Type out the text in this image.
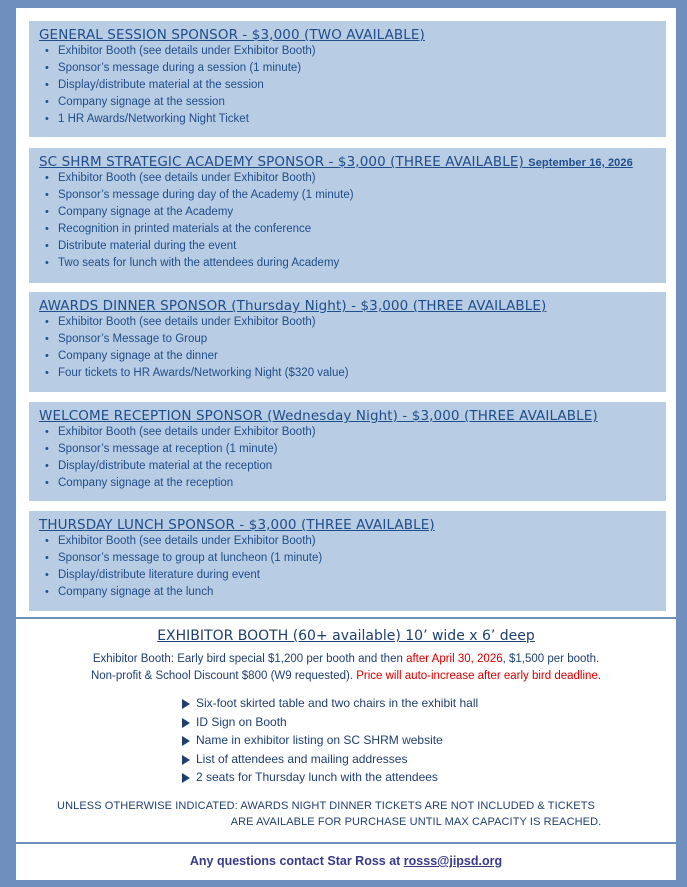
GENERAL SESSION SPONSOR - $3,000 (TWO AVAILABLE)
• Exhibitor Booth (see details under Exhibitor Booth)
• Sponsor’s message during a session (1 minute)
• Display/distribute material at the session
• Company signage at the session
• 1 HR Awards/Networking Night Ticket
SC SHRM STRATEGIC ACADEMY SPONSOR - $3,000 (THREE AVAILABLE) September 16, 2026
• Exhibitor Booth (see details under Exhibitor Booth)
• Sponsor’s message during day of the Academy (1 minute)
• Company signage at the Academy
• Recognition in printed materials at the conference
• Distribute material during the event
• Two seats for lunch with the attendees during Academy
AWARDS DINNER SPONSOR (Thursday Night) - $3,000 (THREE AVAILABLE)
• Exhibitor Booth (see details under Exhibitor Booth)
• Sponsor’s Message to Group
• Company signage at the dinner
• Four tickets to HR Awards/Networking Night ($320 value)
WELCOME RECEPTION SPONSOR (Wednesday Night) - $3,000 (THREE AVAILABLE)
• Exhibitor Booth (see details under Exhibitor Booth)
• Sponsor’s message at reception (1 minute)
• Display/distribute material at the reception
• Company signage at the reception
THURSDAY LUNCH SPONSOR - $3,000 (THREE AVAILABLE)
• Exhibitor Booth (see details under Exhibitor Booth)
• Sponsor’s message to group at luncheon (1 minute)
• Display/distribute literature during event
• Company signage at the lunch
EXHIBITOR BOOTH (60+ available) 10’ wide x 6’ deep
Exhibitor Booth: Early bird special $1,200 per booth and then after April 30, 2026, $1,500 per booth.
Non-profit & School Discount $800 (W9 requested). Price will auto-increase after early bird deadline.
Six-foot skirted table and two chairs in the exhibit hall
ID Sign on Booth
Name in exhibitor listing on SC SHRM website
List of attendees and mailing addresses
2 seats for Thursday lunch with the attendees
UNLESS OTHERWISE INDICATED: AWARDS NIGHT DINNER TICKETS ARE NOT INCLUDED & TICKETS
ARE AVAILABLE FOR PURCHASE UNTIL MAX CAPACITY IS REACHED.
Any questions contact Star Ross at rosss@jipsd.org
